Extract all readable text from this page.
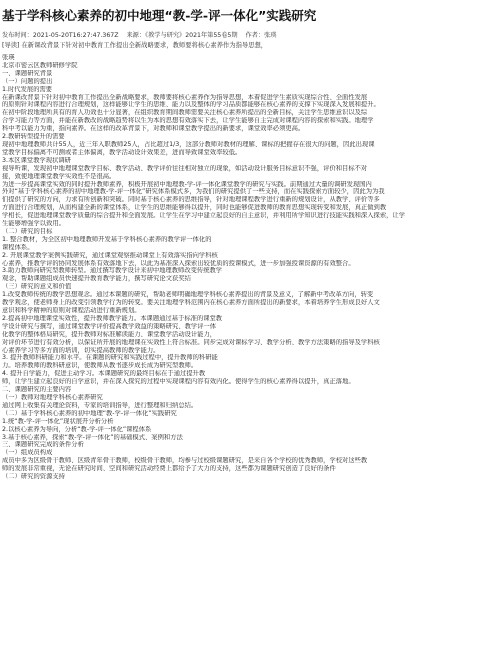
基于学科核心素养的初中地理“教-学-评一体化”实践研究
发布时间：2021-05-20T16:27:47.367Z 来源：《教学与研究》2021年第55卷5期 作者：张瑛
[导读] 在新课改背景下针对初中教育工作提出全新战略要求，教师要将核心素养作为指导思想，
张瑛
北京市密云区教师研修学院
一、课题研究背景
（一）问题的提出
1.时代发展的需要
在新课改背景下针对初中教育工作提出全新战略要求，教师要将核心素养作为指导思想，本着促进学生素质实现综合性、全面性发展
的原则针对课程内容进行合理规划，这样能够让学生的思维、能力以及整体的学习品质都能够在核心素养的支撑下实现深入发展和提升。
在初中阶段地理所具有的育人功效也十分显著，在组织教育期间教师需要关注核心素养所提出的全新目标，关注学生思维意识以及综
合学习能力等方面，并能在新教改的战略趋势将以生为本的思想有效落实下去，让学生能够自主完成对课程内容的探索和实践。地理学
科中考以能力为重，指向素养。在这样的改革背景下，对教师和课堂教学提出的新要求，课堂效率必须更高。
2.教研转型提升的需要
现初中地理教师共计55人，近三年入职教师25人，占比超过1/3，这部分教师对教材的理解、课标的把握存在很大的问题，因此出现课
堂教学目标偏离不可测或者主体偏离，教学活动设计效果差，进而导致课堂效率较低。
3.本区课堂教学现状调研
视导听课，发现初中地理课堂教学目标、教学活动、教学评价往往相对独立的现象，如活动设计服务目标意识不强，评价和目标不对
接，致使地理课堂教学实效性不是很高。
为进一步提高课堂实效的同时提升教师素养，积极开展初中地理教-学-评一体化课堂教学的研究与实践。前期通过大量的调研发现国内
外对“基于学科核心素养的初中地理教-学-评一体化”研究体系模式多，为我们的研究提供了一些支持，而在实践探索方面较少，因此为为我
们提供了研究的方向，力求有所创新和突破。同时基于核心素养的思维指导，针对地理课程教学进行重新的规划设计，从教学、评价等多
方面进行合理规划，从而构建全新的课堂体系，让学生的思维能够得以提升，同时也能够促进教师的教育思想实现转变和发展，真正做到教
学相长，促进地理课堂教学质量的综合提升和全面发展。让学生在学习中建立起良好的自主意识，并利用所学知识进行技能实践和深入探索，让学
生能够增强学以致用。
（二）研究的目标
1. 整合教材，为全区初中地理教师开发基于学科核心素养的教学评一体化的
课程体系。
2. 开展课堂教学案例实践研究，通过课堂观察推动课堂上有效落实指向学科核
心素养，推教学评的协同发展体系有效落地下去，以此为基准深入探索出较优质的授课模式，进一步加强授课资源的有效整合。
3.助力教师向研究型教师转型。通过撰写教学设计来初中地理教师改变传统教学
观念，帮助课题组成员快速提升教育教学能力，撰写研究论文获奖结
（三）研究的意义和价值
1.改变教师传统的教学思想观念。通过本课题的研究，帮助老师明确地理学科核心素养提出的背景及意义，了解新中考改革方向，转变
教学观念，使老师身上的改变引领教学行为的转变。要关注地理学科范围内在核心素养方面所提出的新要求，本着培养学生形成良好人文
意识和科学精神的原则对课程活动进行重新规划。
2.提高初中地理课堂实效性，提升教师教学能力。本课题通过基于标准的课堂教
学设计研究与撰写，通过课堂教学评价提高教学效益的策略研究、教学评一体
化教学的整体格局研究，提升教师对标准解读能力、课堂教学活动设计能力，
对评价环节进行有效分析，以保证所开展的地理课在实效性上符合标准。同步完成对课标学习、教学分析、教学方法策略的指导及学科核
心素养学习等多方面的培训，切实提高教师的教学能力。
3. 提升教师科研能力和水平。在课题的研究和实践过程中，提升教师的科研能
力。培养教师的教科研意识，使教师从教书逐步成长成为研究型教师。
4. 提升自学能力，促进主动学习。本课题研究的最终目标在于通过提升教
师，让学生建立起良好的自学意识，并在深入探究的过程中实现课程内容有效内化。使得学生的核心素养得以提升，真正落地。
二、课题研究的主要内容
（一）教师对地理学科核心素养研究
通过网上收集有关理论资料，专家的培训指导，进行整理和归纳总结。
（二）基于学科核心素养的初中地理“教-学-评一体化”实践研究
1.统“教-学-评一体化”现状展开分析分析
2.以核心素养为导向，分析“教-学-评一体化”课程体系
3.基于核心素养，探索“教-学-评一体化”的基础模式、案例和方法
三、课题研究完成的条件分析
（一）组成员构成
成员中多为区级骨干教师、区级青年骨干教师，校级骨干教师，均参与过校级课题研究，是来自各个学校的优秀教师，学校对这些教
师的发展非常重视，无论在研究时间、空间和研究活动经费上都给予了大力的支持，这些都为课题研究创造了良好的条件
（二）研究的资源支持
